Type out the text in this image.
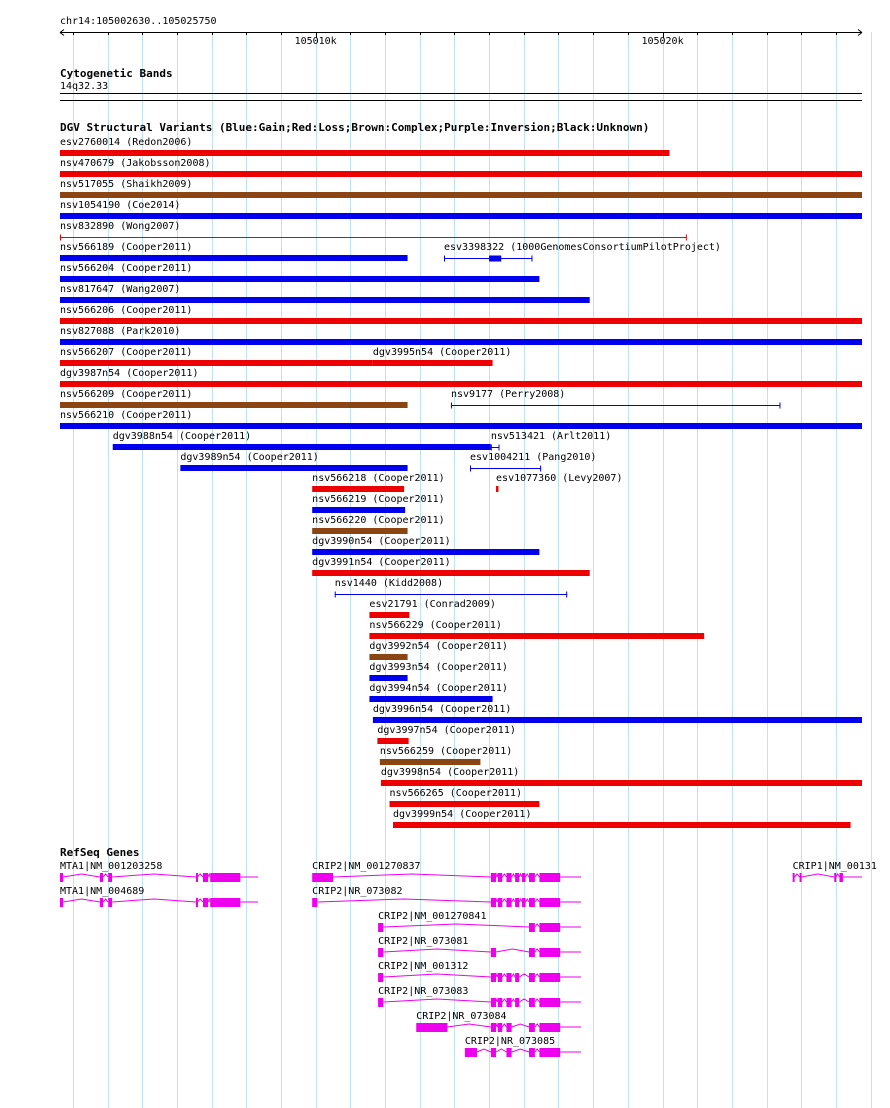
chr14:105002630..105025750
105010k	105020k
Cytogenetic Bands
14q32.33
DGV Structural Variants (Blue:Gain;Red:Loss;Brown:Complex;Purple:Inversion;Black:Unknown)
esv2760014 (Redon2006)
nsv470679 (Jakobsson2008)
nsv517055 (Shaikh2009)
nsv1054190 (Coe2014)
nsv832890 (Wong2007)
nsv566189 (Cooper2011)	esv3398322 (1000GenomesConsortiumPilotProject)
nsv566204 (Cooper2011)
nsv817647 (Wang2007)
nsv566206 (Cooper2011)
nsv827088 (Park2010)
nsv566207 (Cooper2011)	dgv3995n54 (Cooper2011)
dgv3987n54 (Cooper2011)
nsv566209 (Cooper2011)	nsv9177 (Perry2008)
nsv566210 (Cooper2011)
dgv3988n54 (Cooper2011)	nsv513421 (Arlt2011)
dgv3989n54 (Cooper2011)	esv1004211 (Pang2010)
nsv566218 (Cooper2011)	esv1077360 (Levy2007)
nsv566219 (Cooper2011)
nsv566220 (Cooper2011)
dgv3990n54 (Cooper2011)
dgv3991n54 (Cooper2011)
nsv1440 (Kidd2008)
esv21791 (Conrad2009)
nsv566229 (Cooper2011)
dgv3992n54 (Cooper2011)
dgv3993n54 (Cooper2011)
dgv3994n54 (Cooper2011)
dgv3996n54 (Cooper2011)
dgv3997n54 (Cooper2011)
nsv566259 (Cooper2011)
dgv3998n54 (Cooper2011)
nsv566265 (Cooper2011)
dgv3999n54 (Cooper2011)
RefSeq Genes
MTA1|NM_001203258
MTA1|NM_004689
CRIP2|NM_001270837	CRIP1|NM_00131
CRIP2|NR_073082
CRIP2|NM_001270841
CRIP2|NR_073081
CRIP2|NM_001312
CRIP2|NR_073083
CRIP2|NR_073084
CRIP2|NR_073085
